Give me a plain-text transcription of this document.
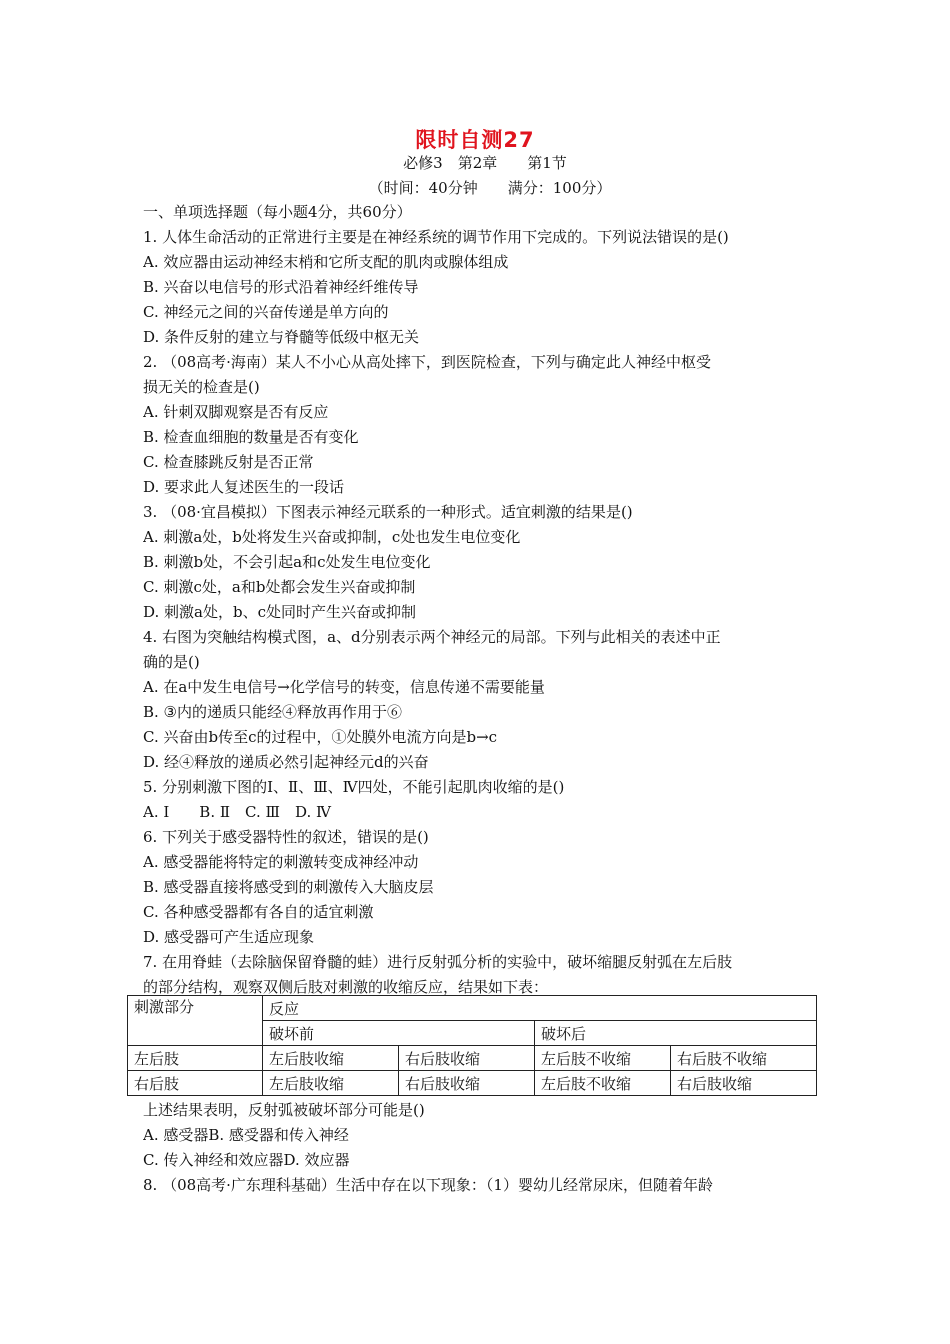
限时自测27
必修3　第2章　　第1节
（时间：40分钟　　满分：100分）
一、单项选择题（每小题4分，共60分）
1. 人体生命活动的正常进行主要是在神经系统的调节作用下完成的。下列说法错误的是()
A. 效应器由运动神经末梢和它所支配的肌肉或腺体组成
B. 兴奋以电信号的形式沿着神经纤维传导
C. 神经元之间的兴奋传递是单方向的
D. 条件反射的建立与脊髓等低级中枢无关
2. （08高考·海南）某人不小心从高处摔下，到医院检查，下列与确定此人神经中枢受
损无关的检查是()
A. 针刺双脚观察是否有反应
B. 检查血细胞的数量是否有变化
C. 检查膝跳反射是否正常
D. 要求此人复述医生的一段话
3. （08·宜昌模拟）下图表示神经元联系的一种形式。适宜刺激的结果是()
A. 刺激a处，b处将发生兴奋或抑制，c处也发生电位变化
B. 刺激b处，不会引起a和c处发生电位变化
C. 刺激c处，a和b处都会发生兴奋或抑制
D. 刺激a处，b、c处同时产生兴奋或抑制
4. 右图为突触结构模式图，a、d分别表示两个神经元的局部。下列与此相关的表述中正
确的是()
A. 在a中发生电信号→化学信号的转变，信息传递不需要能量
B. ③内的递质只能经④释放再作用于⑥
C. 兴奋由b传至c的过程中，①处膜外电流方向是b→c
D. 经④释放的递质必然引起神经元d的兴奋
5. 分别刺激下图的Ⅰ、Ⅱ、Ⅲ、Ⅳ四处，不能引起肌肉收缩的是()
A. Ⅰ　　B. Ⅱ　C. Ⅲ　D. Ⅳ
6. 下列关于感受器特性的叙述，错误的是()
A. 感受器能将特定的刺激转变成神经冲动
B. 感受器直接将感受到的刺激传入大脑皮层
C. 各种感受器都有各自的适宜刺激
D. 感受器可产生适应现象
7. 在用脊蛙（去除脑保留脊髓的蛙）进行反射弧分析的实验中，破坏缩腿反射弧在左后肢
的部分结构，观察双侧后肢对刺激的收缩反应，结果如下表：
刺激部分	反应			
	破坏前		破坏后	
左后肢	左后肢收缩	右后肢收缩	左后肢不收缩	右后肢不收缩
右后肢	左后肢收缩	右后肢收缩	左后肢不收缩	右后肢收缩
上述结果表明，反射弧被破坏部分可能是()
A. 感受器B. 感受器和传入神经
C. 传入神经和效应器D. 效应器
8. （08高考·广东理科基础）生活中存在以下现象：（1）婴幼儿经常尿床，但随着年龄
